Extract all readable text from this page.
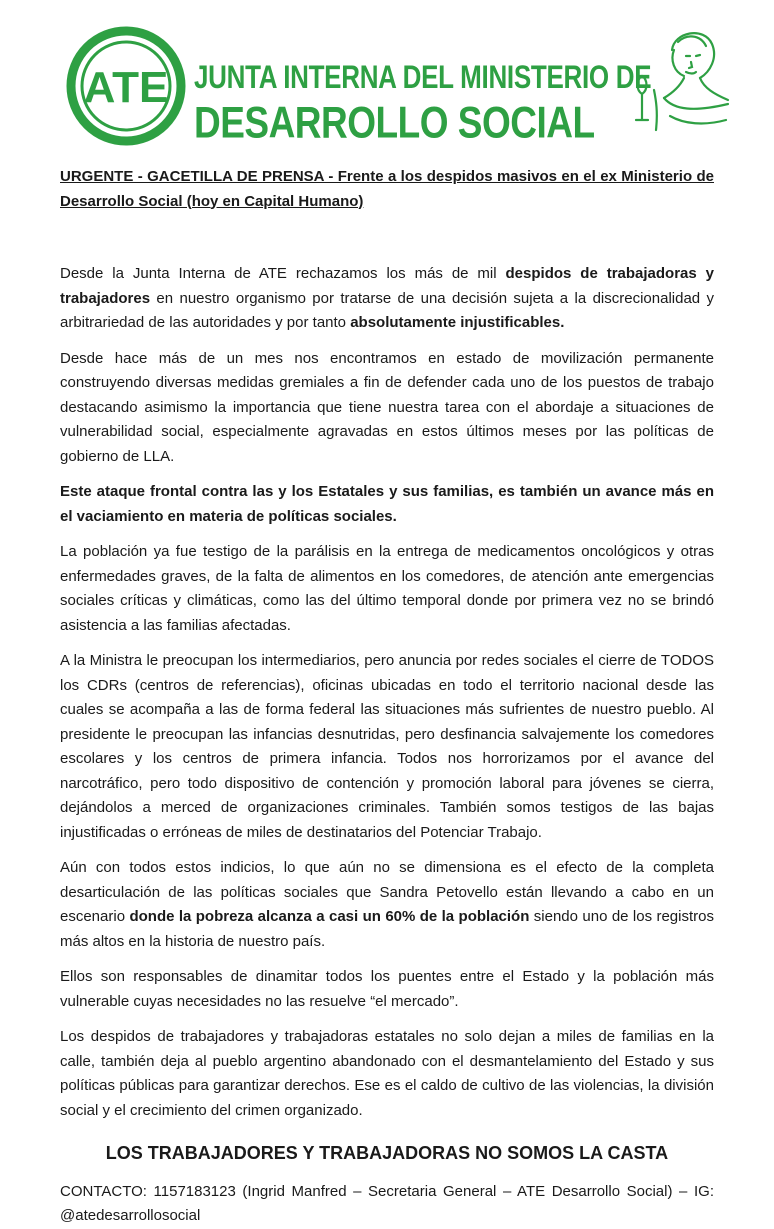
ATE JUNTA INTERNA DEL MINISTERIO DE
DESARROLLO SOCIAL
URGENTE - GACETILLA DE PRENSA - Frente a los despidos masivos en el ex Ministerio de Desarrollo Social (hoy en Capital Humano)

Desde la Junta Interna de ATE rechazamos los más de mil despidos de trabajadoras y trabajadores en nuestro organismo por tratarse de una decisión sujeta a la discrecionalidad y arbitrariedad de las autoridades y por tanto absolutamente injustificables.

Desde hace más de un mes nos encontramos en estado de movilización permanente construyendo diversas medidas gremiales a fin de defender cada uno de los puestos de trabajo destacando asimismo la importancia que tiene nuestra tarea con el abordaje a situaciones de vulnerabilidad social, especialmente agravadas en estos últimos meses por las políticas de gobierno de LLA.

Este ataque frontal contra las y los Estatales y sus familias, es también un avance más en el vaciamiento en materia de políticas sociales.

La población ya fue testigo de la parálisis en la entrega de medicamentos oncológicos y otras enfermedades graves, de la falta de alimentos en los comedores, de atención ante emergencias sociales críticas y climáticas, como las del último temporal donde por primera vez no se brindó asistencia a las familias afectadas.

A la Ministra le preocupan los intermediarios, pero anuncia por redes sociales el cierre de TODOS los CDRs (centros de referencias), oficinas ubicadas en todo el territorio nacional desde las cuales se acompaña a las de forma federal las situaciones más sufrientes de nuestro pueblo. Al presidente le preocupan las infancias desnutridas, pero desfinancia salvajemente los comedores escolares y los centros de primera infancia. Todos nos horrorizamos por el avance del narcotráfico, pero todo dispositivo de contención y promoción laboral para jóvenes se cierra, dejándolos a merced de organizaciones criminales. También somos testigos de las bajas injustificadas o erróneas de miles de destinatarios del Potenciar Trabajo.

Aún con todos estos indicios, lo que aún no se dimensiona es el efecto de la completa desarticulación de las políticas sociales que Sandra Petovello están llevando a cabo en un escenario donde la pobreza alcanza a casi un 60% de la población siendo uno de los registros más altos en la historia de nuestro país.

Ellos son responsables de dinamitar todos los puentes entre el Estado y la población más vulnerable cuyas necesidades no las resuelve “el mercado”.

Los despidos de trabajadores y trabajadoras estatales no solo dejan a miles de familias en la calle, también deja al pueblo argentino abandonado con el desmantelamiento del Estado y sus políticas públicas para garantizar derechos. Ese es el caldo de cultivo de las violencias, la división social y el crecimiento del crimen organizado.

LOS TRABAJADORES Y TRABAJADORAS NO SOMOS LA CASTA
CONTACTO: 1157183123 (Ingrid Manfred – Secretaria General – ATE Desarrollo Social) – IG: @atedesarrollosocial
